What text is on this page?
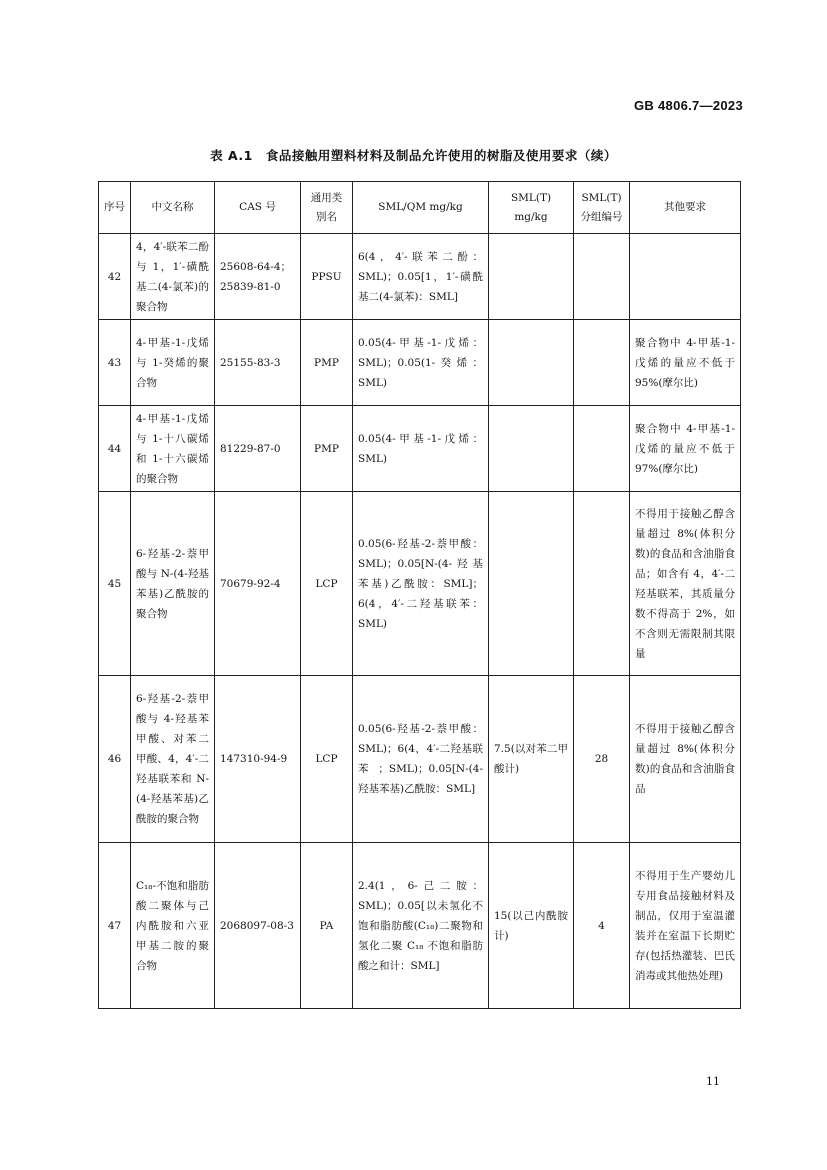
GB 4806.7—2023
表 A.1　食品接触用塑料材料及制品允许使用的树脂及使用要求（续）
序号	中文名称	CAS 号	通用类别名	SML/QM mg/kg	SML(T) mg/kg	SML(T)分组编号	其他要求
42	4，4′-联苯二酚与 1，1′-磺酰基二(4-氯苯)的聚合物	25608-64-4；25839-81-0	PPSU	6(4，4′-联苯二酚：SML)；0.05[1，1′-磺酰基二(4-氯苯)：SML]			
43	4-甲基-1-戊烯与 1-癸烯的聚合物	25155-83-3	PMP	0.05(4-甲基-1-戊烯：SML)；0.05(1-癸烯：SML)			聚合物中 4-甲基-1-戊烯的量应不低于 95%(摩尔比)
44	4-甲基-1-戊烯与 1-十八碳烯和 1-十六碳烯的聚合物	81229-87-0	PMP	0.05(4-甲基-1-戊烯：SML)			聚合物中 4-甲基-1-戊烯的量应不低于 97%(摩尔比)
45	6-羟基-2-萘甲酸与 N-(4-羟基苯基)乙酰胺的聚合物	70679-92-4	LCP	0.05(6-羟基-2-萘甲酸：SML)；0.05[N-(4-羟基苯基)乙酰胺：SML]；6(4，4′-二羟基联苯：SML)			不得用于接触乙醇含量超过 8%(体积分数)的食品和含油脂食品；如含有 4，4′-二羟基联苯，其质量分数不得高于 2%，如不含则无需限制其限量
46	6-羟基-2-萘甲酸与 4-羟基苯甲酸、对苯二甲酸、4，4′-二羟基联苯和 N-(4-羟基苯基)乙酰胺的聚合物	147310-94-9	LCP	0.05(6-羟基-2-萘甲酸：SML)；6(4，4′-二羟基联苯；SML)；0.05[N-(4-羟基苯基)乙酰胺：SML]	7.5(以对苯二甲酸计)	28	不得用于接触乙醇含量超过 8%(体积分数)的食品和含油脂食品
47	C₁₈-不饱和脂肪酸二聚体与己内酰胺和六亚甲基二胺的聚合物	2068097-08-3	PA	2.4(1，6-己二胺：SML)；0.05[以未氢化不饱和脂肪酸(C₁₈)二聚物和氢化二聚 C₁₈ 不饱和脂肪酸之和计：SML]	15(以己内酰胺计)	4	不得用于生产婴幼儿专用食品接触材料及制品，仅用于室温灌装并在室温下长期贮存(包括热灌装、巴氏消毒或其他热处理)
11
